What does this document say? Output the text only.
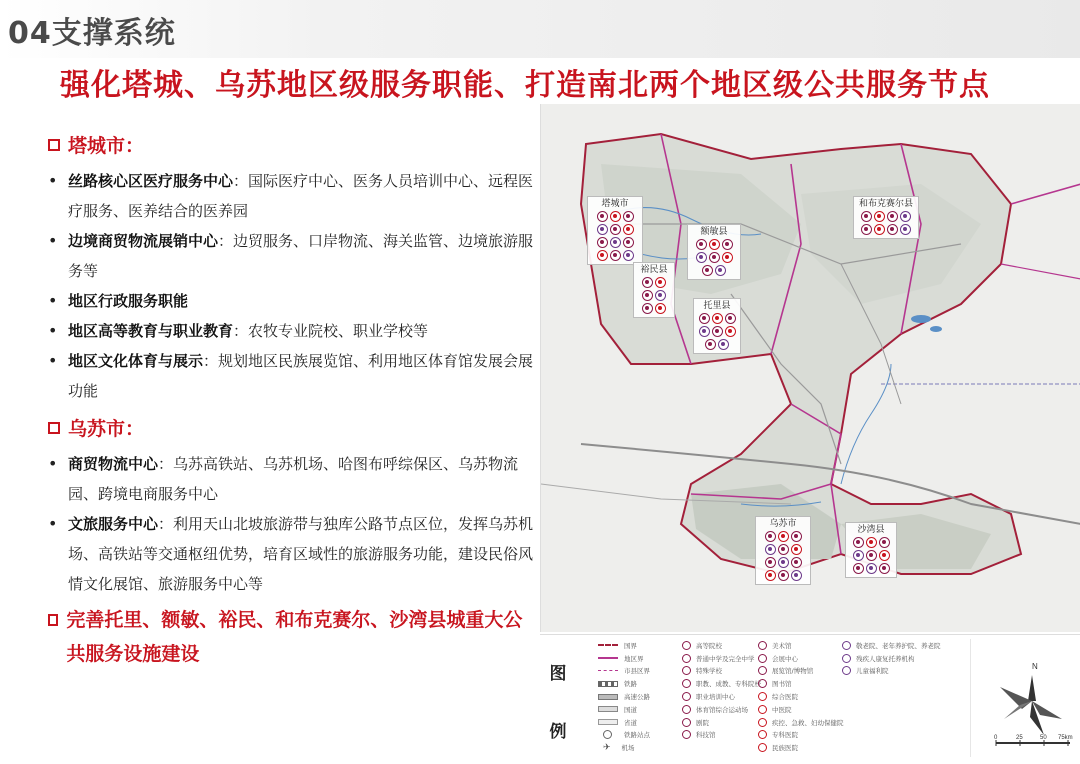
04支撑系统
强化塔城、乌苏地区级服务职能、打造南北两个地区级公共服务节点
塔城市：
• 丝路核心区医疗服务中心：国际医疗中心、医务人员培训中心、远程医疗服务、医养结合的医养园
• 边境商贸物流展销中心：边贸服务、口岸物流、海关监管、边境旅游服务等
• 地区行政服务职能
• 地区高等教育与职业教育：农牧专业院校、职业学校等
• 地区文化体育与展示：规划地区民族展览馆、利用地区体育馆发展会展功能
乌苏市：
• 商贸物流中心：乌苏高铁站、乌苏机场、哈图布呼综保区、乌苏物流园、跨境电商服务中心
• 文旅服务中心：利用天山北坡旅游带与独库公路节点区位，发挥乌苏机场、高铁站等交通枢纽优势，培育区域性的旅游服务功能，建设民俗风情文化展馆、旅游服务中心等
完善托里、额敏、裕民、和布克赛尔、沙湾县城重大公共服务设施建设
塔城市
额敏县
和布克赛尔县
裕民县
托里县
乌苏市
沙湾县
图
例
国界
地区界
市县区界
铁路
高速公路
国道
省道
铁路站点
✈ 机场
高等院校
普通中学及完全中学
特殊学校
职教、成教、专科院校
职业培训中心
体育馆综合运动场
剧院
科技馆
美术馆
会展中心
展览馆/博物馆
图书馆
综合医院
中医院
疾控、急救、妇幼保健院
专科医院
民族医院
敬老院、老年养护院、养老院
残疾人康复托养机构
儿童福利院
N
0	25	50 75km
